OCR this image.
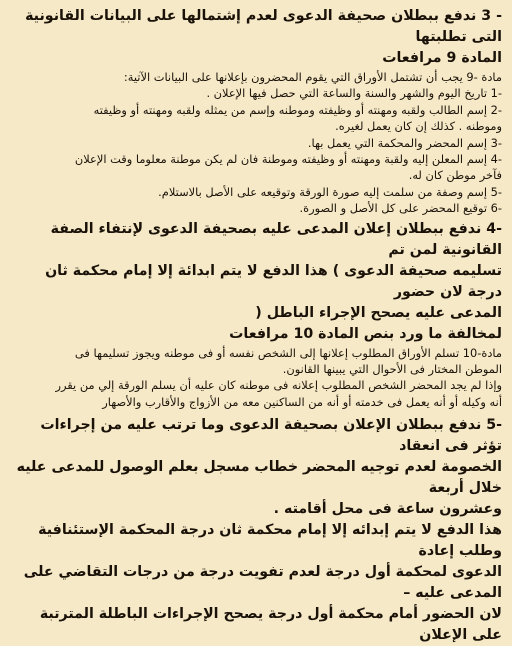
- 3 ندفع ببطلان صحيفة الدعوى لعدم إشتمالها على البيانات القانونية التى تطلبتها

المادة 9 مرافعات

مادة -9 يجب أن تشتمل الأوراق التي يقوم المحضرون بإعلانها على البيانات الآتية:

-1 تاريخ اليوم والشهر والسنة والساعة التي حصل فيها الإعلان .

-2 إسم الطالب ولقبه ومهنته أو وظيفته وموطنه وإسم من يمثله ولقبه ومهنته أو وظيفته

وموطنه . كذلك إن كان يعمل لغيره.

-3 إسم المحضر والمحكمة التي يعمل بها.

-4 إسم المعلن إليه ولقبة ومهنته أو وظيفته وموطنة فان لم يكن موطنة معلوما وقت الإعلان

فآخر موطن كان له.

-5 إسم وصفة من سلمت إليه صورة الورقة وتوقيعه على الأصل بالاستلام.

-6 توقيع المحضر على كل الأصل و الصورة.

-4 ندفع ببطلان إعلان المدعى عليه بصحيفة الدعوى لإنتفاء الصفة القانونية لمن تم

تسليمه صحيفة الدعوى ) هذا الدفع لا يتم ابدائة إلا إمام محكمة ثان درجة لان حضور

المدعى عليه يصحح الإجراء الباطل (

لمخالفة ما ورد بنص المادة 10 مرافعات

مادة-10 تسلم الأوراق المطلوب إعلانها إلى الشخص نفسه أو فى موطنه ويجوز تسليمها فى

الموطن المختار فى الأحوال التي يبينها القانون.

وإذا لم يجد المحضر الشخص المطلوب إعلانه فى موطنه كان عليه أن يسلم الورقة إلي من يقرر

أنه وكيله أو أنه يعمل فى خدمته أو أنه من الساكنين معه من الأزواج والأقارب والأصهار

-5 ندفع ببطلان الإعلان بصحيفة الدعوى وما ترتب عليه من إجراءات تؤثر فى انعقاد

الخصومة لعدم توجيه المحضر خطاب مسجل بعلم الوصول للمدعى عليه خلال أربعة

وعشرون ساعة فى محل أقامته .

هذا الدفع لا يتم إبدائه إلا إمام محكمة ثان درجة المحكمة الإستئنافية وطلب إعادة

الدعوى لمحكمة أول درجة لعدم تفويت درجة من درجات التقاضي على المدعى عليه –

لان الحضور أمام محكمة أول درجة يصحح الإجراءات الباطلة المترتبة على الإعلان
